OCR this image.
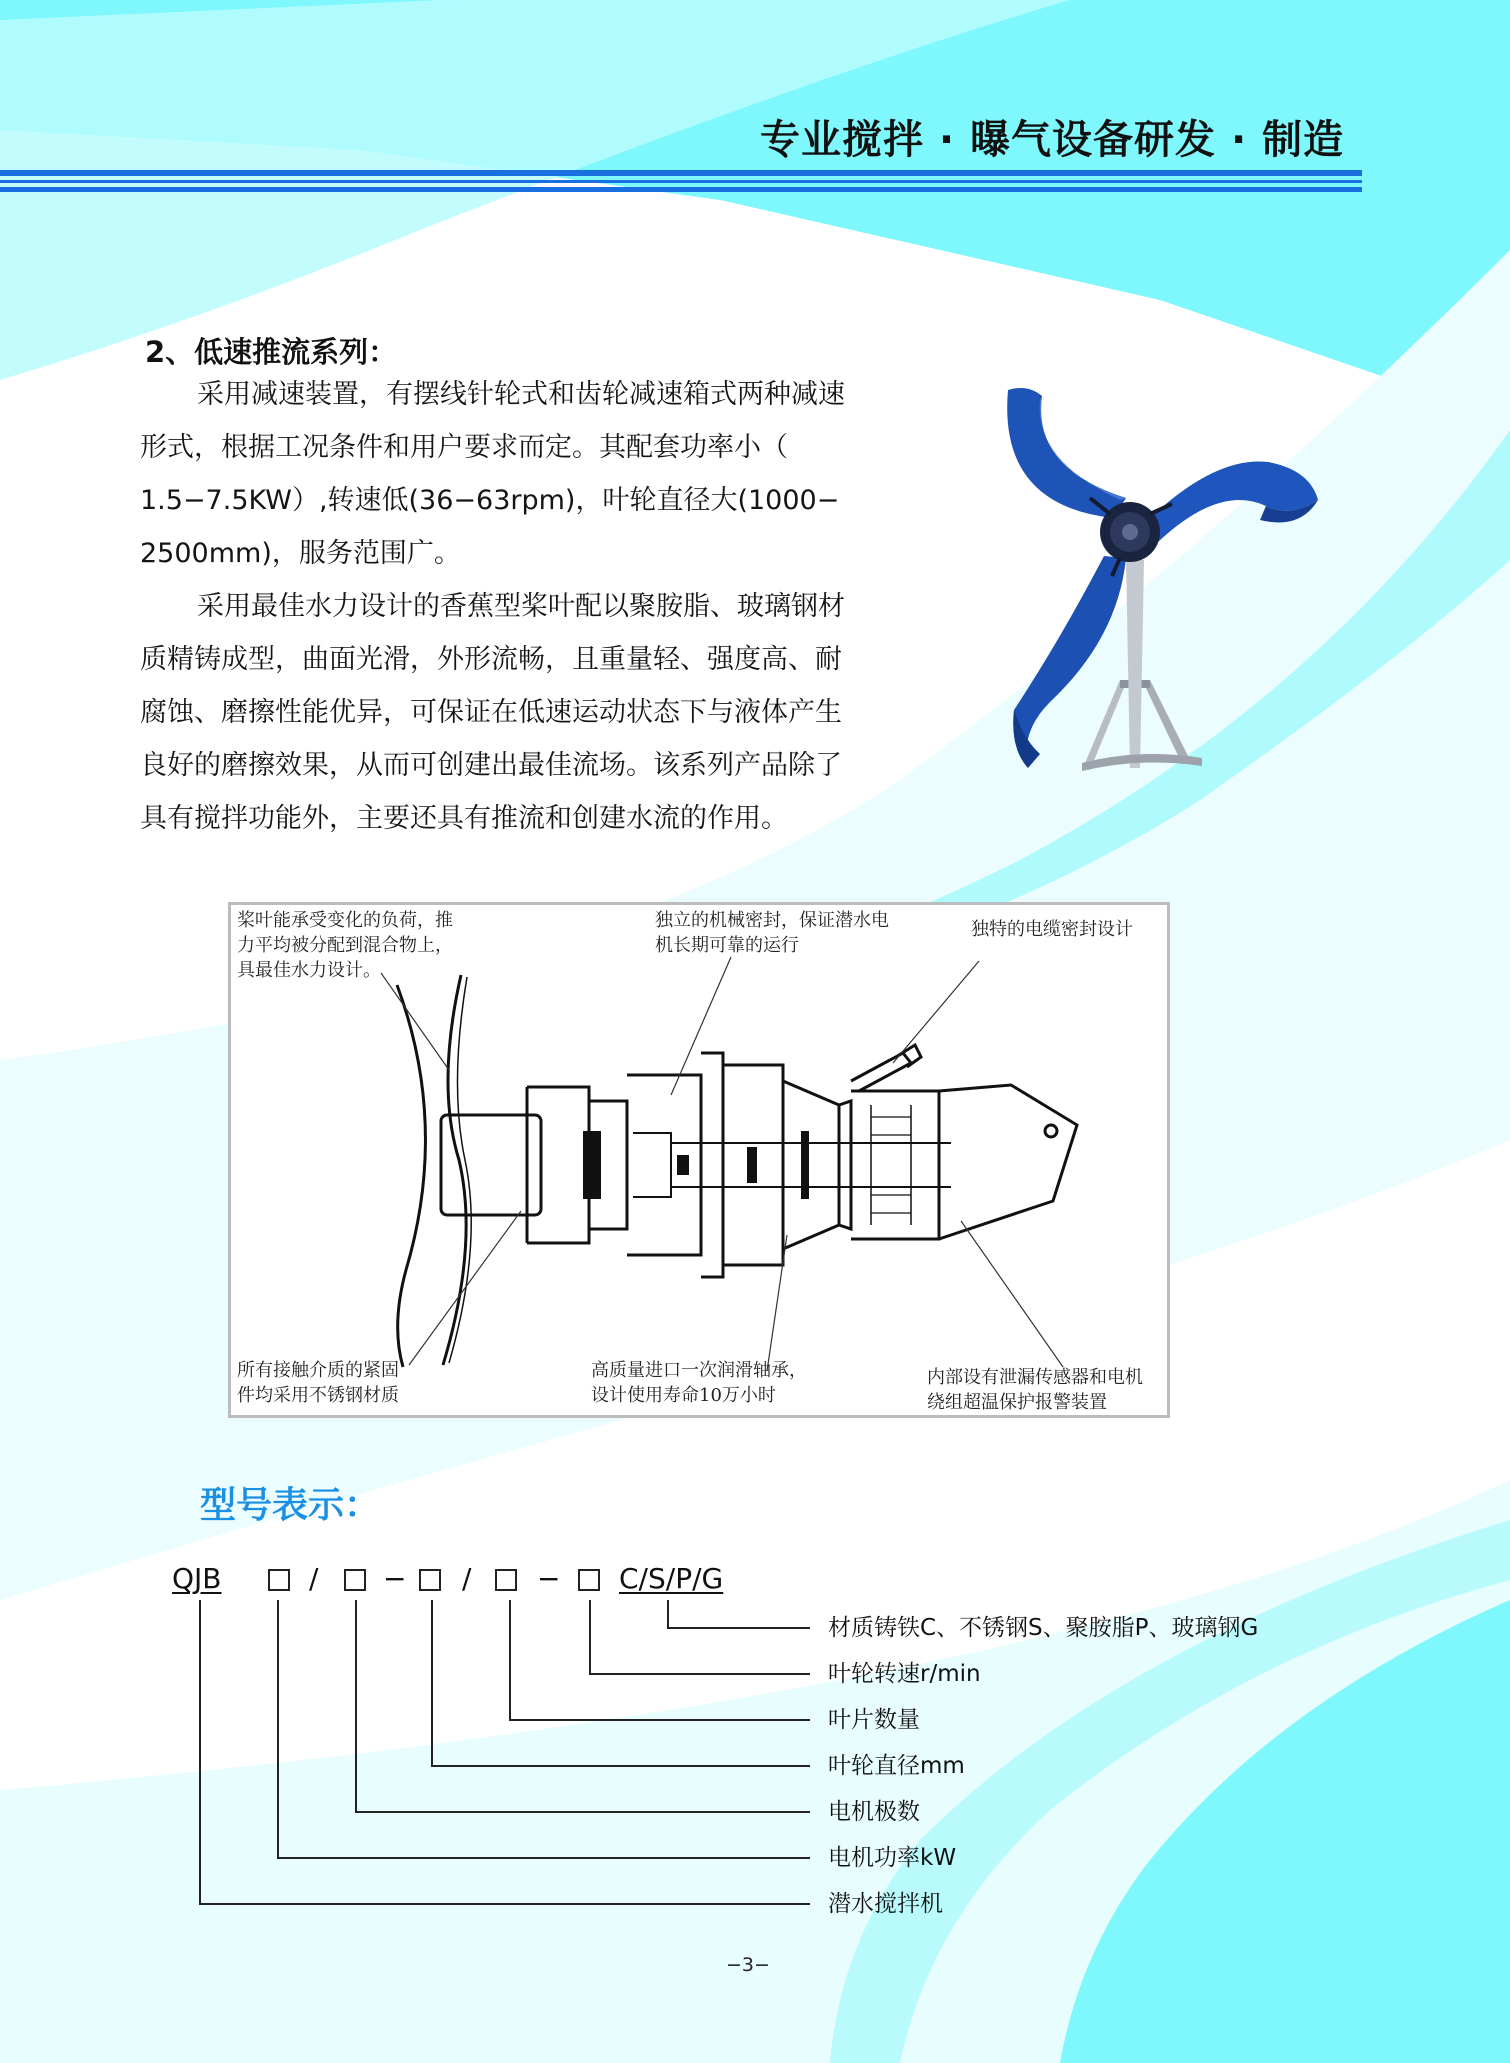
专业搅拌 · 曝气设备研发 · 制造
2、低速推流系列：
采用减速装置，有摆线针轮式和齿轮减速箱式两种减速
形式，根据工况条件和用户要求而定。其配套功率小（
1.5−7.5KW）,转速低(36−63rpm)，叶轮直径大(1000−
2500mm)，服务范围广。
采用最佳水力设计的香蕉型桨叶配以聚胺脂、玻璃钢材
质精铸成型，曲面光滑，外形流畅，且重量轻、强度高、耐
腐蚀、磨擦性能优异，可保证在低速运动状态下与液体产生
良好的磨擦效果，从而可创建出最佳流场。该系列产品除了
具有搅拌功能外，主要还具有推流和创建水流的作用。
桨叶能承受变化的负荷，推
力平均被分配到混合物上，
具最佳水力设计。
独立的机械密封，保证潜水电
机长期可靠的运行
独特的电缆密封设计
所有接触介质的紧固
件均采用不锈钢材质
高质量进口一次润滑轴承，
设计使用寿命10万小时
内部设有泄漏传感器和电机
绕组超温保护报警装置
型号表示：
QJB	/ − / − C/S/P/G
材质铸铁C、不锈钢S、聚胺脂P、玻璃钢G
叶轮转速r/min
叶片数量
叶轮直径mm
电机极数
电机功率kW
潜水搅拌机
−3−
